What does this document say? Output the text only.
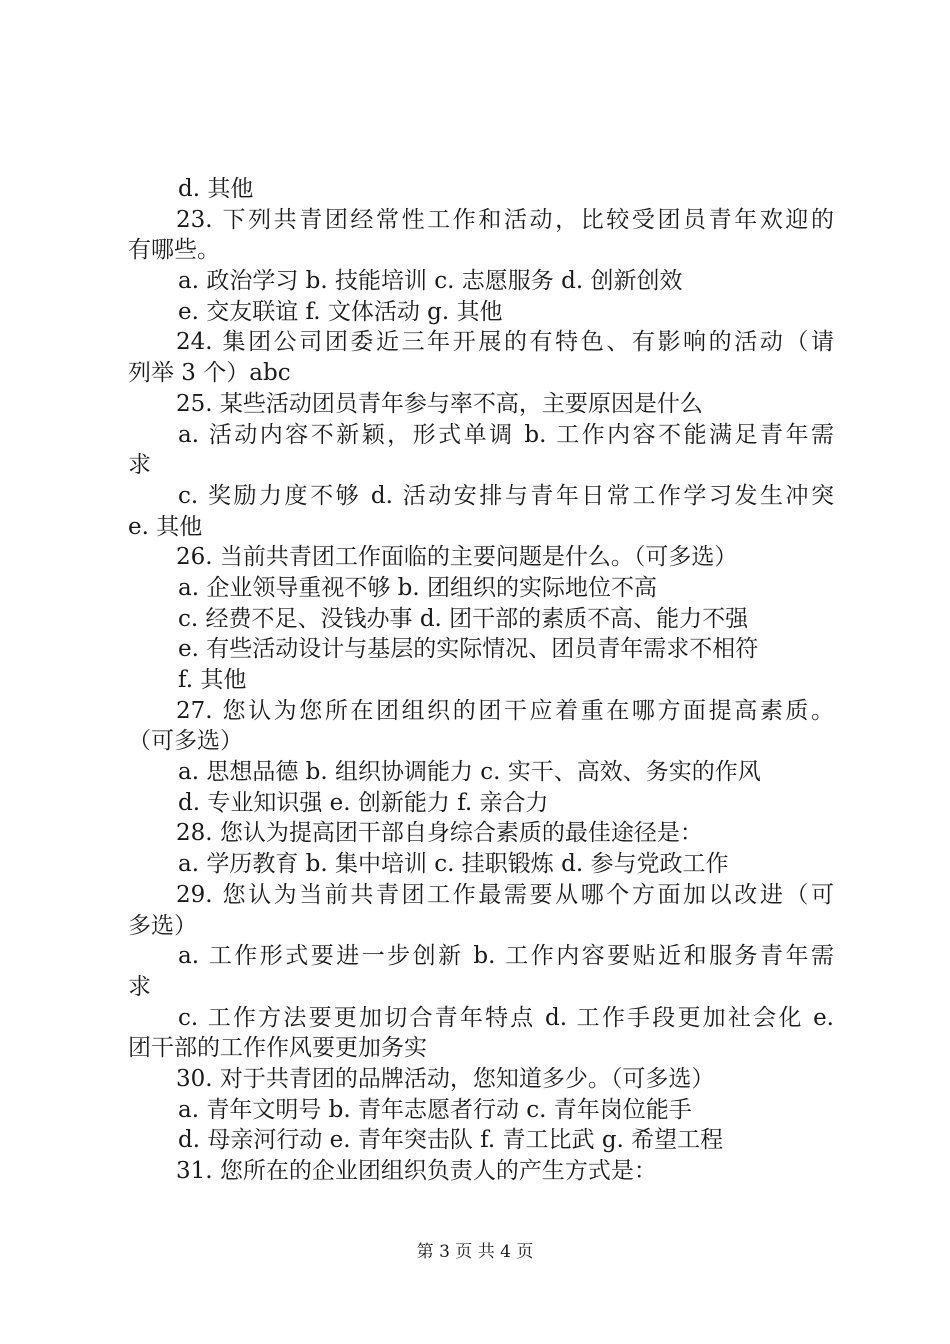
d. 其他
23. 下列共青团经常性工作和活动，比较受团员青年欢迎的
有哪些。
a. 政治学习 b. 技能培训 c. 志愿服务 d. 创新创效
e. 交友联谊 f. 文体活动 g. 其他
24. 集团公司团委近三年开展的有特色、有影响的活动（请
列举 3 个）abc
25. 某些活动团员青年参与率不高，主要原因是什么
a. 活动内容不新颖，形式单调 b. 工作内容不能满足青年需
求
c. 奖励力度不够 d. 活动安排与青年日常工作学习发生冲突
e. 其他
26. 当前共青团工作面临的主要问题是什么。（可多选）
a. 企业领导重视不够 b. 团组织的实际地位不高
c. 经费不足、没钱办事 d. 团干部的素质不高、能力不强
e. 有些活动设计与基层的实际情况、团员青年需求不相符
f. 其他
27. 您认为您所在团组织的团干应着重在哪方面提高素质。
（可多选）
a. 思想品德 b. 组织协调能力 c. 实干、高效、务实的作风
d. 专业知识强 e. 创新能力 f. 亲合力
28. 您认为提高团干部自身综合素质的最佳途径是：
a. 学历教育 b. 集中培训 c. 挂职锻炼 d. 参与党政工作
29. 您认为当前共青团工作最需要从哪个方面加以改进（可
多选）
a. 工作形式要进一步创新 b. 工作内容要贴近和服务青年需
求
c. 工作方法要更加切合青年特点 d. 工作手段更加社会化 e.
团干部的工作作风要更加务实
30. 对于共青团的品牌活动，您知道多少。（可多选）
a. 青年文明号 b. 青年志愿者行动 c. 青年岗位能手
d. 母亲河行动 e. 青年突击队 f. 青工比武 g. 希望工程
31. 您所在的企业团组织负责人的产生方式是：
第 3 页 共 4 页
